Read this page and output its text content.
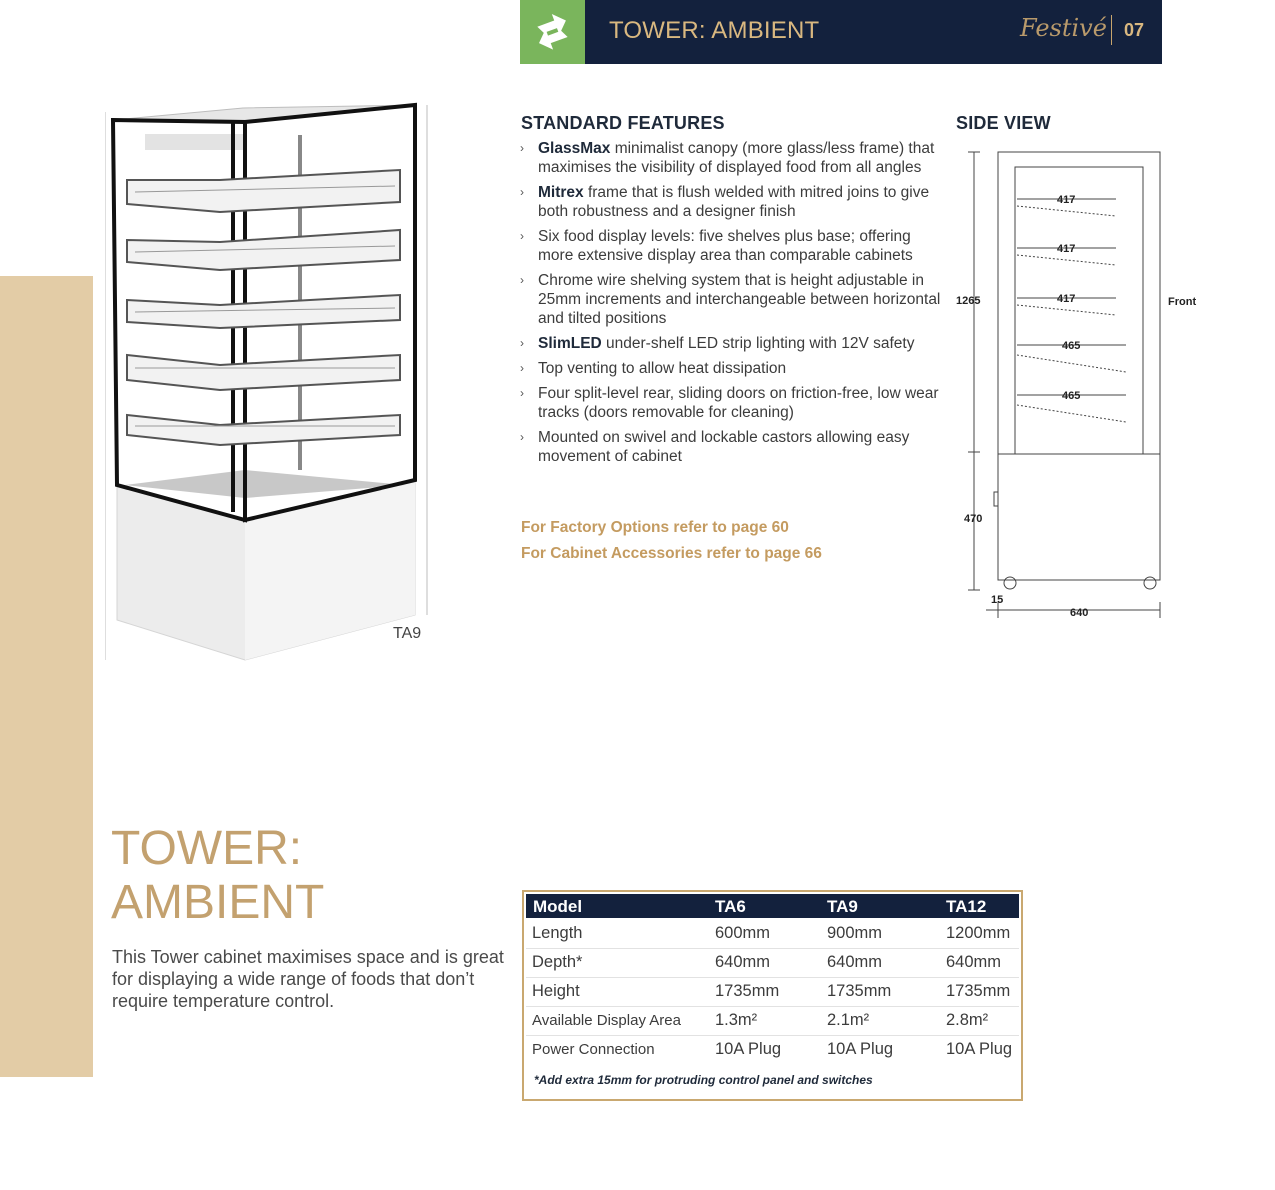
TOWER: AMBIENT	Festivé 07
TA9
STANDARD FEATURES
› GlassMax minimalist canopy (more glass/less frame) that maximises the visibility of displayed food from all angles
› Mitrex frame that is flush welded with mitred joins to give both robustness and a designer finish
› Six food display levels: five shelves plus base; offering more extensive display area than comparable cabinets
› Chrome wire shelving system that is height adjustable in 25mm increments and interchangeable between horizontal and tilted positions
› SlimLED under-shelf LED strip lighting with 12V safety
› Top venting to allow heat dissipation
› Four split-level rear, sliding doors on friction-free, low wear tracks (doors removable for cleaning)
› Mounted on swivel and lockable castors allowing easy movement of cabinet
For Factory Options refer to page 60
For Cabinet Accessories refer to page 66
SIDE VIEW
417
417
417
465
465
1265
470
15
640
Front
TOWER:
AMBIENT
This Tower cabinet maximises space and is great for displaying a wide range of foods that don’t require temperature control.
Model	TA6	TA9	TA12
Length	600mm	900mm	1200mm
Depth*	640mm	640mm	640mm
Height	1735mm	1735mm	1735mm
Available Display Area 1.3m²	2.1m²	2.8m²
Power Connection	10A Plug	10A Plug	10A Plug
*Add extra 15mm for protruding control panel and switches
